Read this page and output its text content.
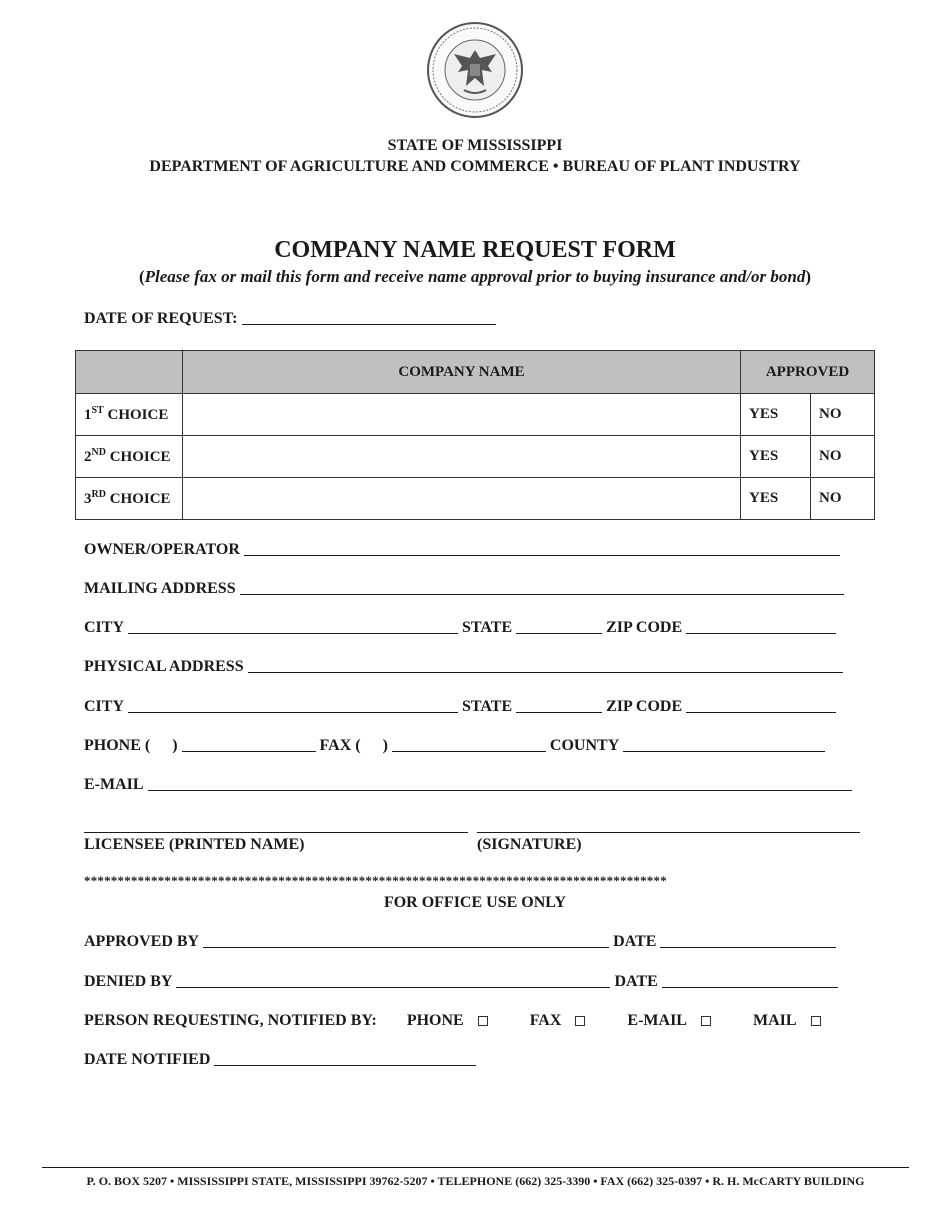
STATE OF MISSISSIPPI
DEPARTMENT OF AGRICULTURE AND COMMERCE • BUREAU OF PLANT INDUSTRY
COMPANY NAME REQUEST FORM
(Please fax or mail this form and receive name approval prior to buying insurance and/or bond)
DATE OF REQUEST:
	COMPANY NAME	APPROVED	
1ST CHOICE		YES	NO
2ND CHOICE		YES	NO
3RD CHOICE		YES	NO
OWNER/OPERATOR
MAILING ADDRESS
CITY	STATE	ZIP CODE
PHYSICAL ADDRESS
CITY	STATE	ZIP CODE
PHONE ( )	FAX ( )	COUNTY
E-MAIL
LICENSEE (PRINTED NAME)	(SIGNATURE)
***************************************************************************************
FOR OFFICE USE ONLY
APPROVED BY	DATE
DENIED BY	DATE
PERSON REQUESTING, NOTIFIED BY: PHONE	FAX	E-MAIL	MAIL
DATE NOTIFIED
P. O. BOX 5207 • MISSISSIPPI STATE, MISSISSIPPI 39762-5207 • TELEPHONE (662) 325-3390 • FAX (662) 325-0397 • R. H. McCARTY BUILDING
